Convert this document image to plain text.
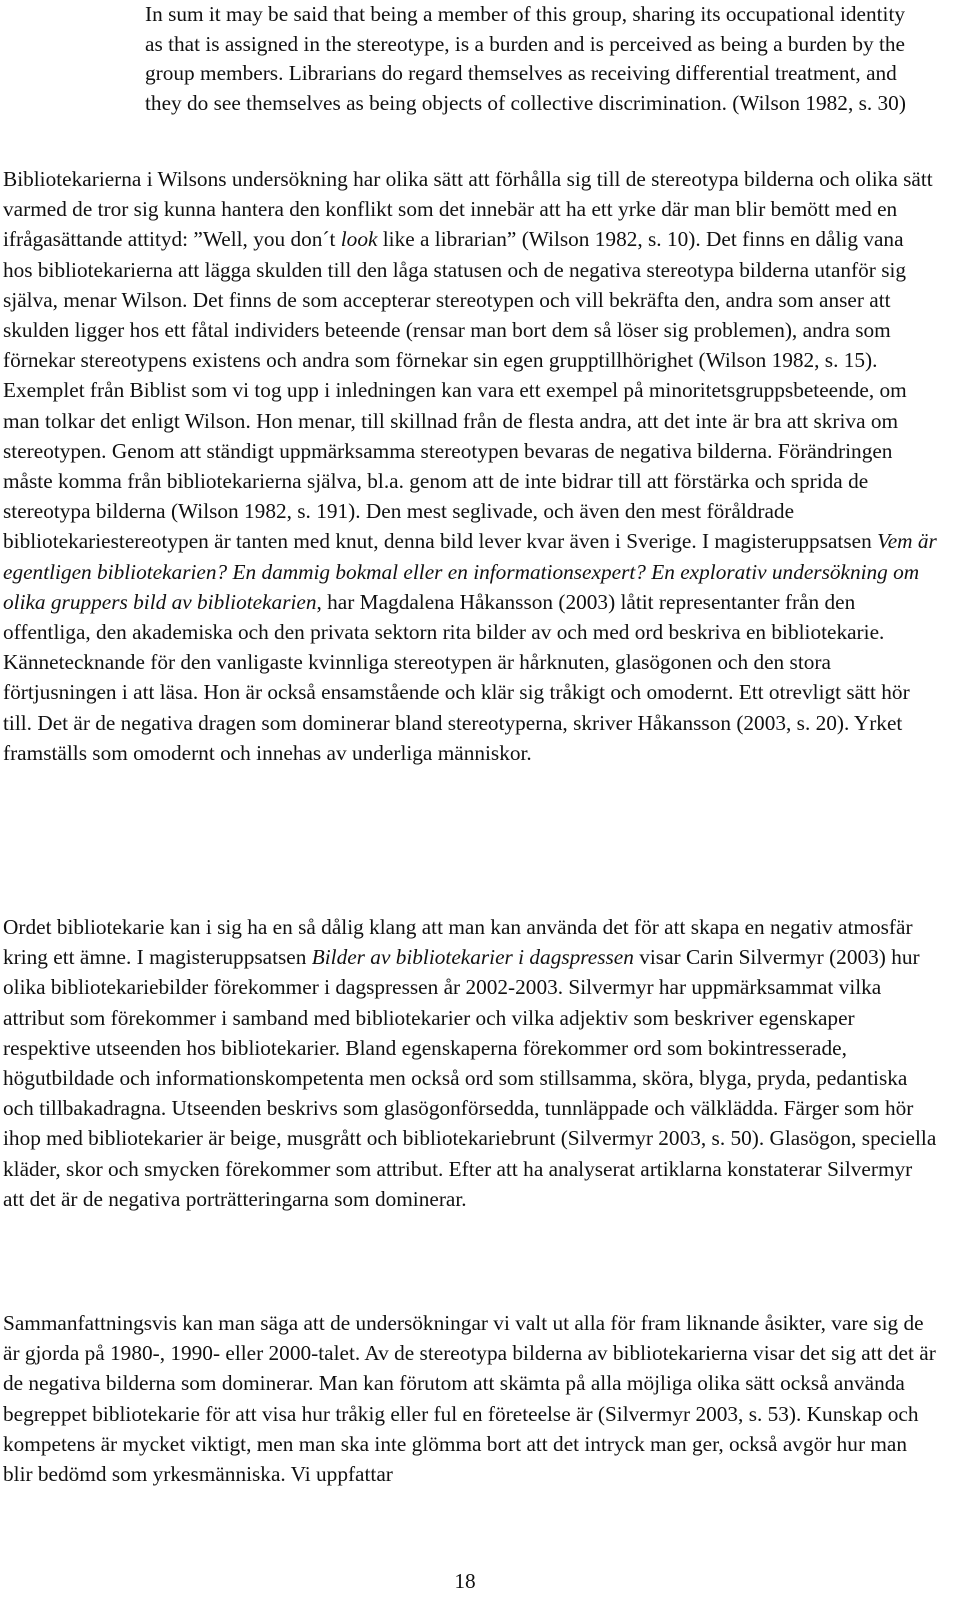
In sum it may be said that being a member of this group, sharing its occupational identity as that is assigned in the stereotype, is a burden and is perceived as being a burden by the group members. Librarians do regard themselves as receiving differential treatment, and they do see themselves as being objects of collective discrimination. (Wilson 1982, s. 30)

Bibliotekarierna i Wilsons undersökning har olika sätt att förhålla sig till de stereotypa bilderna och olika sätt varmed de tror sig kunna hantera den konflikt som det innebär att ha ett yrke där man blir bemött med en ifrågasättande attityd: ”Well, you don´t look like a librarian” (Wilson 1982, s. 10). Det finns en dålig vana hos bibliotekarierna att lägga skulden till den låga statusen och de negativa stereotypa bilderna utanför sig själva, menar Wilson. Det finns de som accepterar stereotypen och vill bekräfta den, andra som anser att skulden ligger hos ett fåtal individers beteende (rensar man bort dem så löser sig problemen), andra som förnekar stereotypens existens och andra som förnekar sin egen grupptillhörighet (Wilson 1982, s. 15). Exemplet från Biblist som vi tog upp i inledningen kan vara ett exempel på minoritetsgruppsbeteende, om man tolkar det enligt Wilson. Hon menar, till skillnad från de flesta andra, att det inte är bra att skriva om stereotypen. Genom att ständigt uppmärksamma stereotypen bevaras de negativa bilderna. Förändringen måste komma från bibliotekarierna själva, bl.a. genom att de inte bidrar till att förstärka och sprida de stereotypa bilderna (Wilson 1982, s. 191). Den mest seglivade, och även den mest föråldrade bibliotekariestereotypen är tanten med knut, denna bild lever kvar även i Sverige. I magisteruppsatsen Vem är egentligen bibliotekarien? En dammig bokmal eller en informationsexpert? En explorativ undersökning om olika gruppers bild av bibliotekarien, har Magdalena Håkansson (2003) låtit representanter från den offentliga, den akademiska och den privata sektorn rita bilder av och med ord beskriva en bibliotekarie. Kännetecknande för den vanligaste kvinnliga stereotypen är hårknuten, glasögonen och den stora förtjusningen i att läsa. Hon är också ensamstående och klär sig tråkigt och omodernt. Ett otrevligt sätt hör till. Det är de negativa dragen som dominerar bland stereotyperna, skriver Håkansson (2003, s. 20). Yrket framställs som omodernt och innehas av underliga människor.

Ordet bibliotekarie kan i sig ha en så dålig klang att man kan använda det för att skapa en negativ atmosfär kring ett ämne. I magisteruppsatsen Bilder av bibliotekarier i dagspressen visar Carin Silvermyr (2003) hur olika bibliotekariebilder förekommer i dagspressen år 2002-2003. Silvermyr har uppmärksammat vilka attribut som förekommer i samband med bibliotekarier och vilka adjektiv som beskriver egenskaper respektive utseenden hos bibliotekarier. Bland egenskaperna förekommer ord som bokintresserade, högutbildade och informationskompetenta men också ord som stillsamma, sköra, blyga, pryda, pedantiska och tillbakadragna. Utseenden beskrivs som glasögonförsedda, tunnläppade och välklädda. Färger som hör ihop med bibliotekarier är beige, musgrått och bibliotekariebrunt (Silvermyr 2003, s. 50). Glasögon, speciella kläder, skor och smycken förekommer som attribut. Efter att ha analyserat artiklarna konstaterar Silvermyr att det är de negativa porträtteringarna som dominerar.

Sammanfattningsvis kan man säga att de undersökningar vi valt ut alla för fram liknande åsikter, vare sig de är gjorda på 1980-, 1990- eller 2000-talet. Av de stereotypa bilderna av bibliotekarierna visar det sig att det är de negativa bilderna som dominerar. Man kan förutom att skämta på alla möjliga olika sätt också använda begreppet bibliotekarie för att visa hur tråkig eller ful en företeelse är (Silvermyr 2003, s. 53). Kunskap och kompetens är mycket viktigt, men man ska inte glömma bort att det intryck man ger, också avgör hur man blir bedömd som yrkesmänniska. Vi uppfattar

18
